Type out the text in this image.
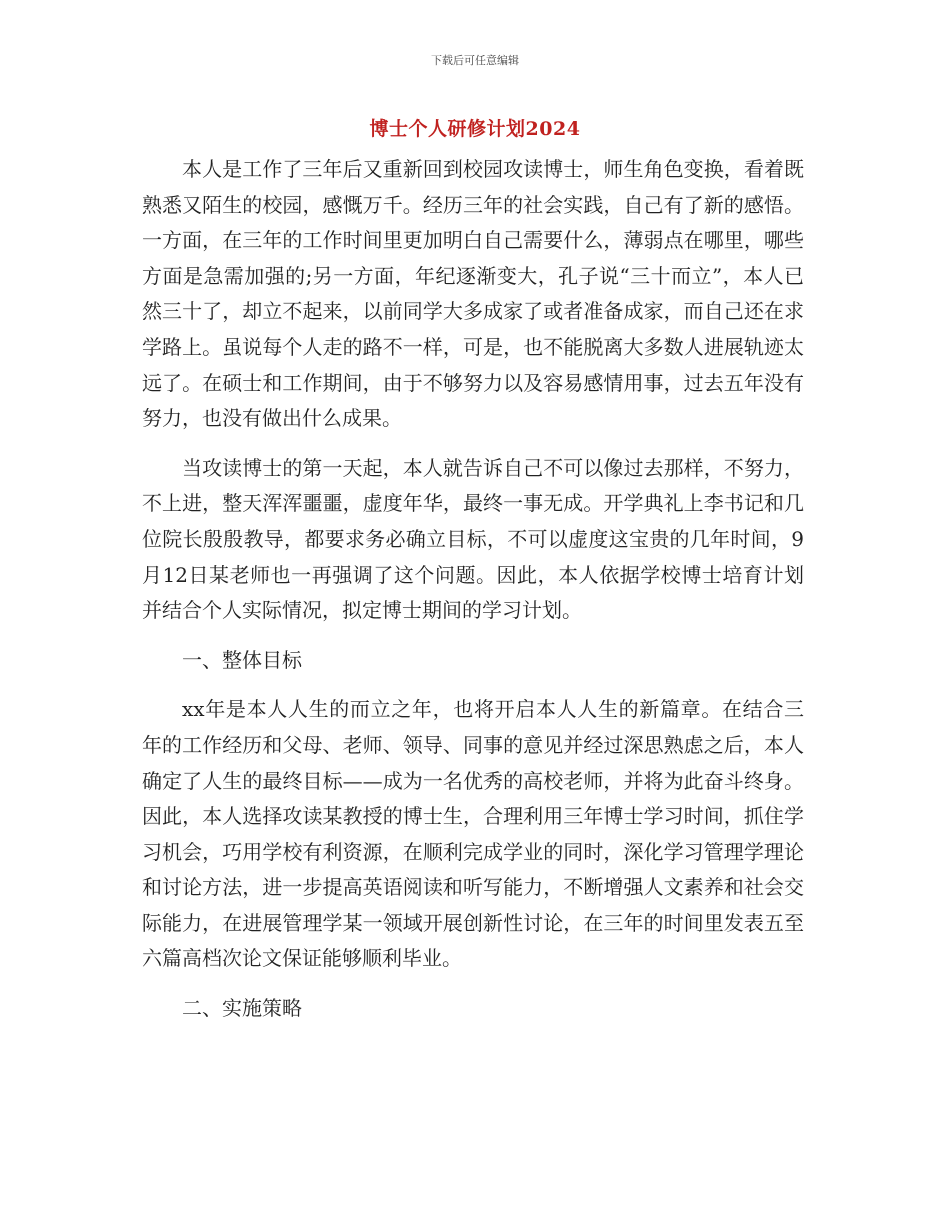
下载后可任意编辑
博士个人研修计划2024

本人是工作了三年后又重新回到校园攻读博士，师生角色变换，看着既熟悉又陌生的校园，感慨万千。经历三年的社会实践，自己有了新的感悟。一方面，在三年的工作时间里更加明白自己需要什么，薄弱点在哪里，哪些方面是急需加强的;另一方面，年纪逐渐变大，孔子说“三十而立”，本人已然三十了，却立不起来，以前同学大多成家了或者准备成家，而自己还在求学路上。虽说每个人走的路不一样，可是，也不能脱离大多数人进展轨迹太远了。在硕士和工作期间，由于不够努力以及容易感情用事，过去五年没有努力，也没有做出什么成果。

当攻读博士的第一天起，本人就告诉自己不可以像过去那样，不努力，不上进，整天浑浑噩噩，虚度年华，最终一事无成。开学典礼上李书记和几位院长殷殷教导，都要求务必确立目标，不可以虚度这宝贵的几年时间，9月12日某老师也一再强调了这个问题。因此，本人依据学校博士培育计划并结合个人实际情况，拟定博士期间的学习计划。

一、整体目标

xx年是本人人生的而立之年，也将开启本人人生的新篇章。在结合三年的工作经历和父母、老师、领导、同事的意见并经过深思熟虑之后，本人确定了人生的最终目标——成为一名优秀的高校老师，并将为此奋斗终身。因此，本人选择攻读某教授的博士生，合理利用三年博士学习时间，抓住学习机会，巧用学校有利资源，在顺利完成学业的同时，深化学习管理学理论和讨论方法，进一步提高英语阅读和听写能力，不断增强人文素养和社会交际能力，在进展管理学某一领域开展创新性讨论，在三年的时间里发表五至六篇高档次论文保证能够顺利毕业。

二、实施策略
